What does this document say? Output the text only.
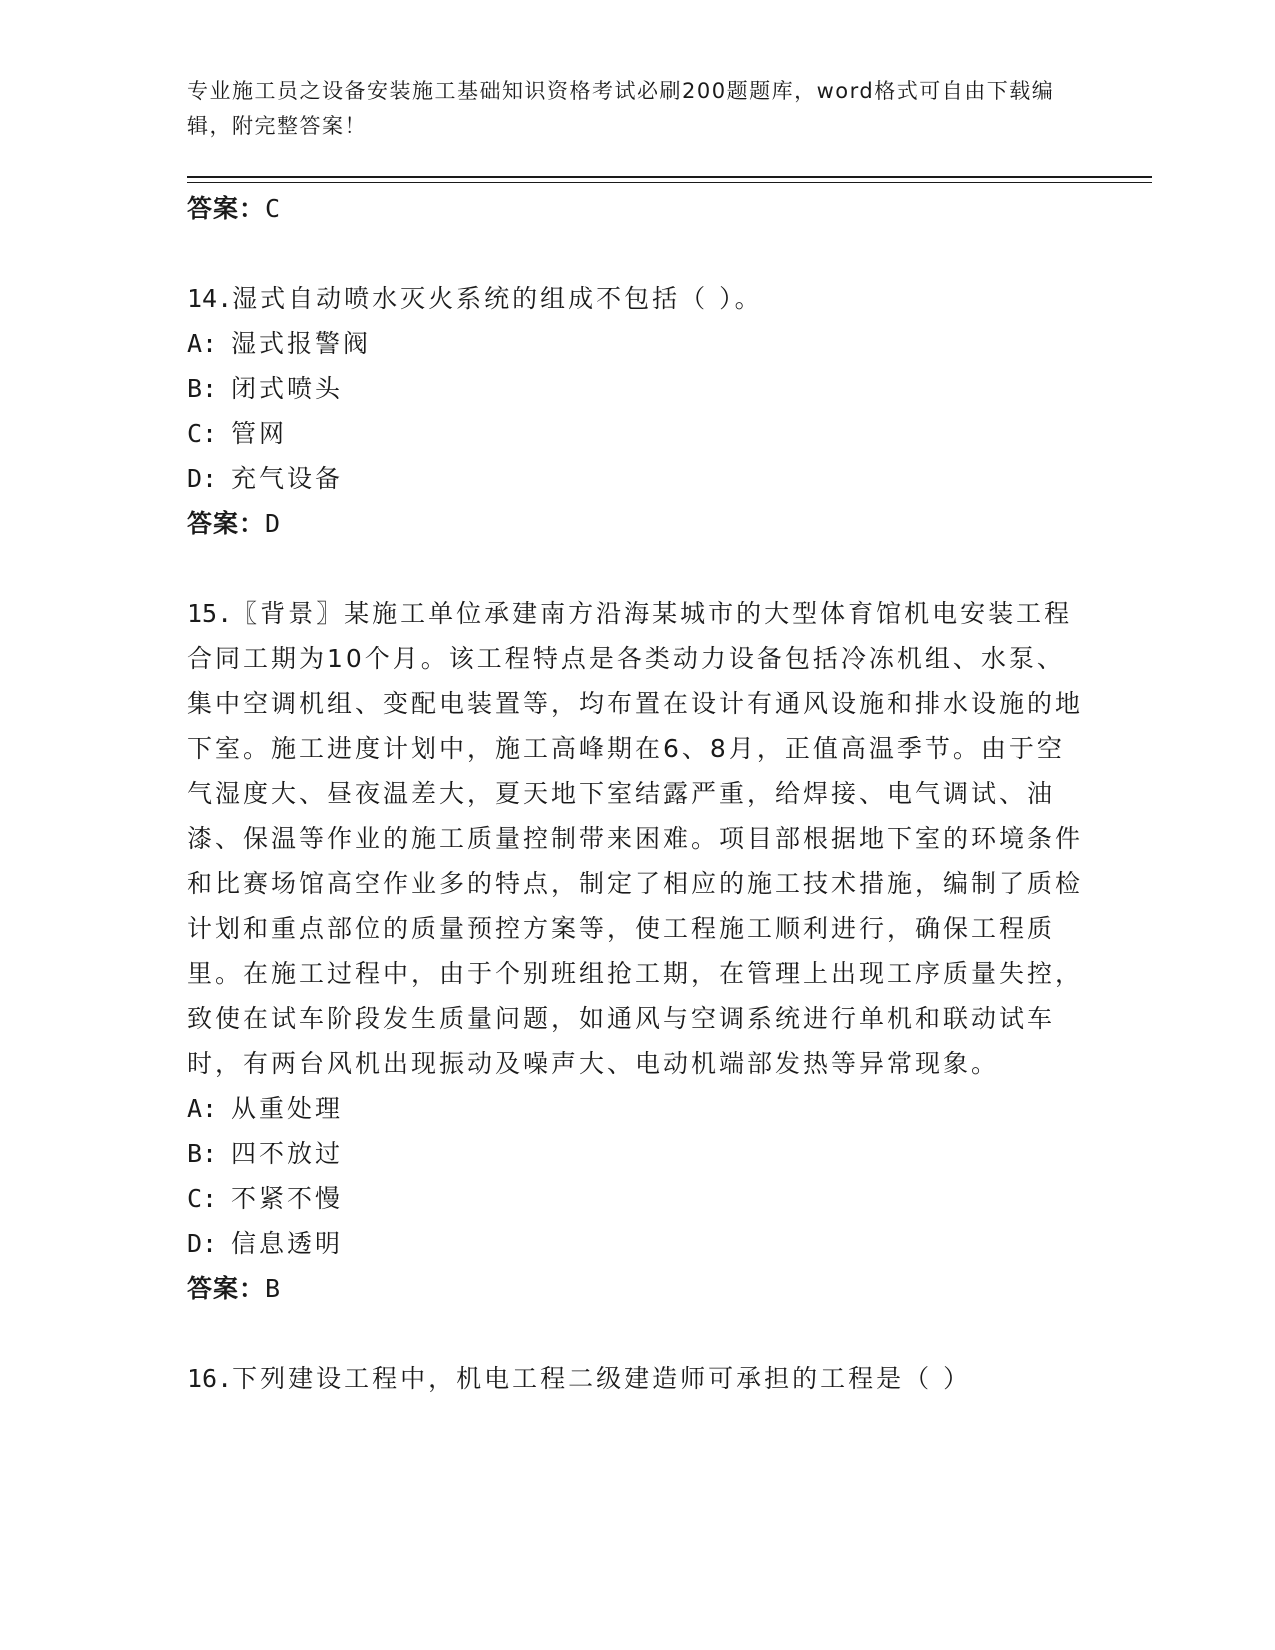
专业施工员之设备安装施工基础知识资格考试必刷200题题库，word格式可自由下载编辑，附完整答案！

答案：C

14.湿式自动喷水灭火系统的组成不包括（ ）。

A: 湿式报警阀

B: 闭式喷头

C: 管网

D: 充气设备

答案：D

15.〖背景〗某施工单位承建南方沿海某城市的大型体育馆机电安装工程合同工期为10个月。该工程特点是各类动力设备包括冷冻机组、水泵、集中空调机组、变配电装置等，均布置在设计有通风设施和排水设施的地下室。施工进度计划中，施工高峰期在6、8月，正值高温季节。由于空气湿度大、昼夜温差大，夏天地下室结露严重，给焊接、电气调试、油漆、保温等作业的施工质量控制带来困难。项目部根据地下室的环境条件和比赛场馆高空作业多的特点，制定了相应的施工技术措施，编制了质检计划和重点部位的质量预控方案等，使工程施工顺利进行，确保工程质里。在施工过程中，由于个别班组抢工期，在管理上出现工序质量失控，致使在试车阶段发生质量问题，如通风与空调系统进行单机和联动试车时，有两台风机出现振动及噪声大、电动机端部发热等异常现象。

A: 从重处理

B: 四不放过

C: 不紧不慢

D: 信息透明

答案：B

16.下列建设工程中，机电工程二级建造师可承担的工程是（ ）
